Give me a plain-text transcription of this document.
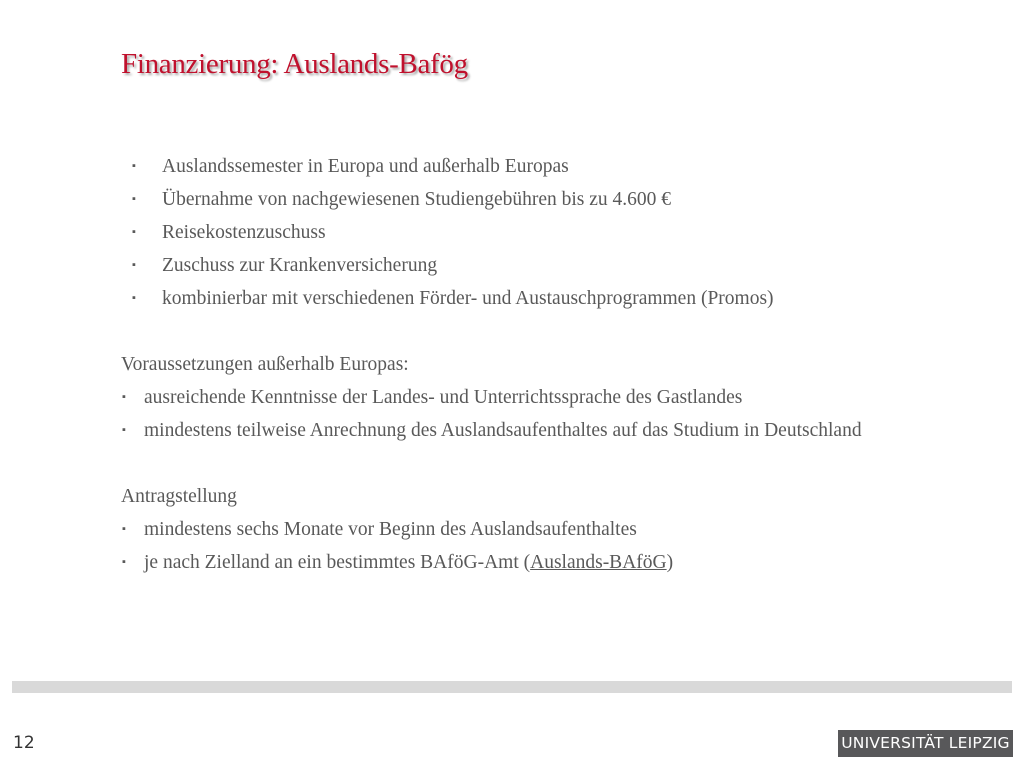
Finanzierung: Auslands-Bafög
▪ Auslandssemester in Europa und außerhalb Europas
▪ Übernahme von nachgewiesenen Studiengebühren bis zu 4.600 €
▪ Reisekostenzuschuss
▪ Zuschuss zur Krankenversicherung
▪ kombinierbar mit verschiedenen Förder- und Austauschprogrammen (Promos)
Voraussetzungen außerhalb Europas:
▪ ausreichende Kenntnisse der Landes- und Unterrichtssprache des Gastlandes
▪ mindestens teilweise Anrechnung des Auslandsaufenthaltes auf das Studium in Deutschland
Antragstellung
▪ mindestens sechs Monate vor Beginn des Auslandsaufenthaltes
▪ je nach Zielland an ein bestimmtes BAföG-Amt (Auslands-BAföG)
12	UNIVERSITÄT LEIPZIG
